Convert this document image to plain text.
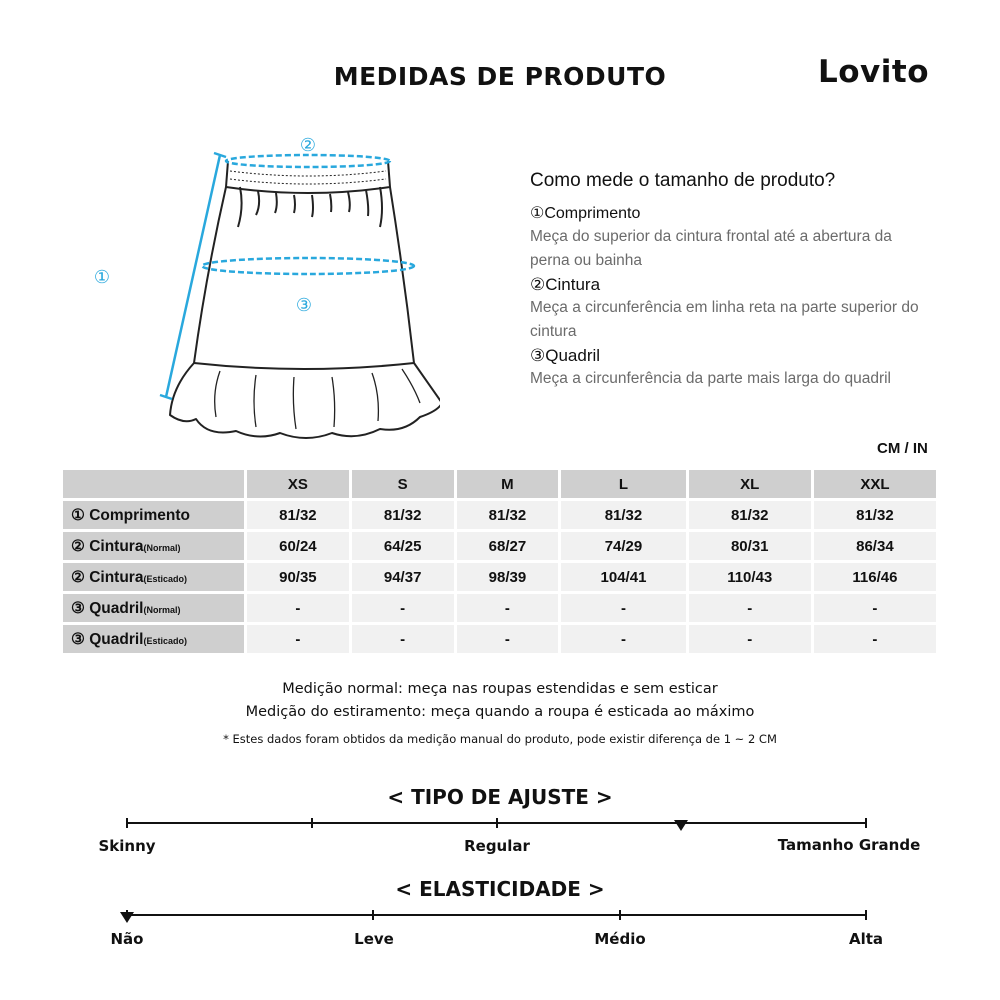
MEDIDAS DE PRODUTO	Lovito
②
①
③
Como mede o tamanho de produto?
①Comprimento
Meça do superior da cintura frontal até a abertura da perna ou bainha
②Cintura
Meça a circunferência em linha reta na parte superior do cintura
③Quadril
Meça a circunferência da parte mais larga do quadril
CM / IN
	XS	S	M	L	XL	XXL
① Comprimento	81/32	81/32	81/32	81/32	81/32	81/32
② Cintura(Normal)	60/24	64/25	68/27	74/29	80/31	86/34
② Cintura(Esticado)	90/35	94/37	98/39	104/41	110/43	116/46
③ Quadril(Normal)	-	-	-	-	-	-
③ Quadril(Esticado)	-	-	-	-	-	-
Medição normal: meça nas roupas estendidas e sem esticar
Medição do estiramento: meça quando a roupa é esticada ao máximo
* Estes dados foram obtidos da medição manual do produto, pode existir diferença de 1 ~ 2 CM
< TIPO DE AJUSTE >
Skinny	Regular	Tamanho Grande
< ELASTICIDADE >
Não	Leve	Médio	Alta
